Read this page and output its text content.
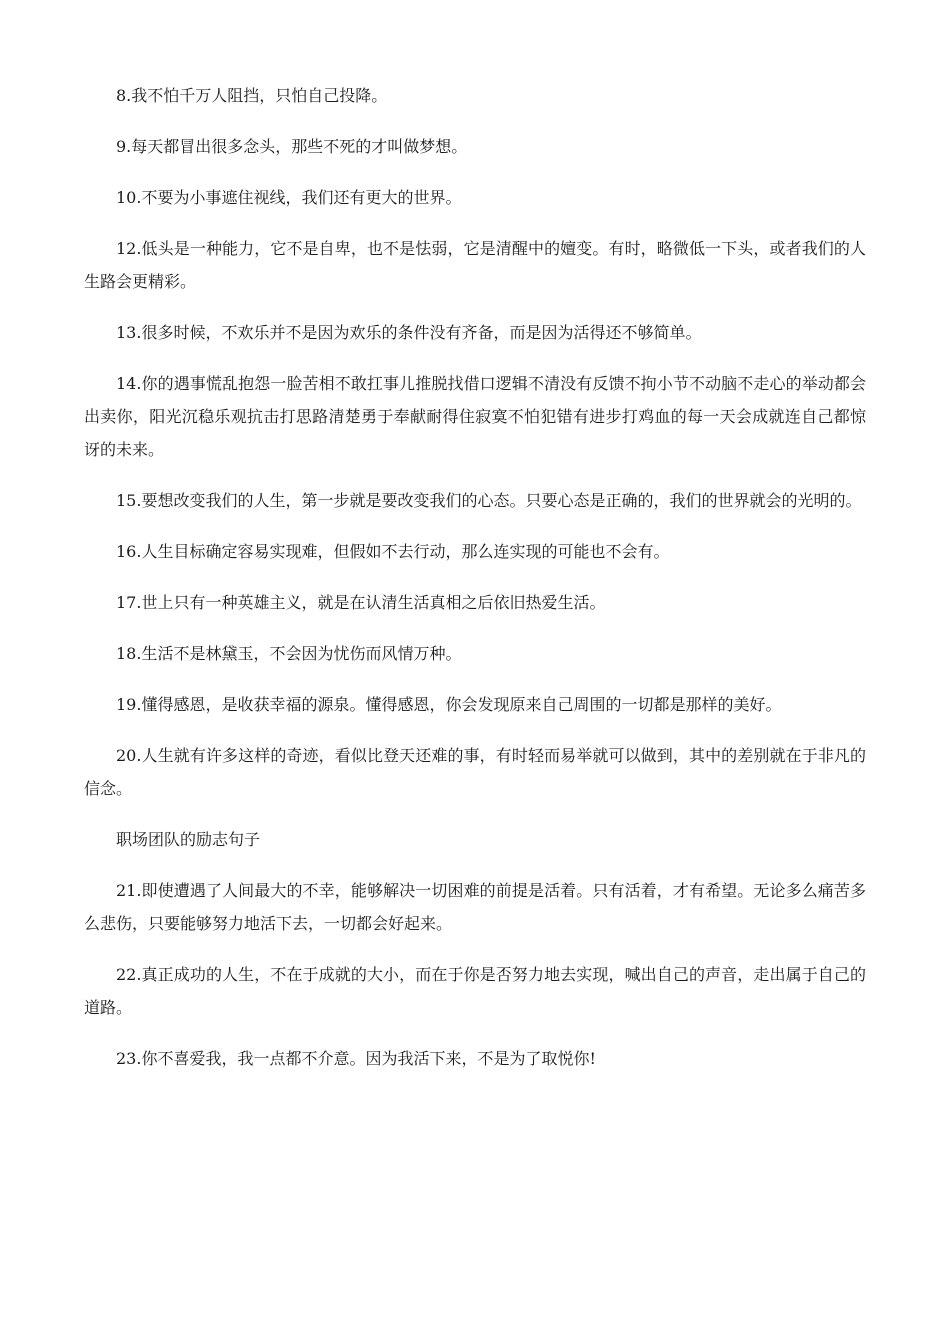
8.我不怕千万人阻挡，只怕自己投降。

9.每天都冒出很多念头，那些不死的才叫做梦想。

10.不要为小事遮住视线，我们还有更大的世界。

12.低头是一种能力，它不是自卑，也不是怯弱，它是清醒中的嬗变。有时，略微低一下头，或者我们的人生路会更精彩。

13.很多时候，不欢乐并不是因为欢乐的条件没有齐备，而是因为活得还不够简单。

14.你的遇事慌乱抱怨一脸苦相不敢扛事儿推脱找借口逻辑不清没有反馈不拘小节不动脑不走心的举动都会出卖你，阳光沉稳乐观抗击打思路清楚勇于奉献耐得住寂寞不怕犯错有进步打鸡血的每一天会成就连自己都惊讶的未来。

15.要想改变我们的人生，第一步就是要改变我们的心态。只要心态是正确的，我们的世界就会的光明的。

16.人生目标确定容易实现难，但假如不去行动，那么连实现的可能也不会有。

17.世上只有一种英雄主义，就是在认清生活真相之后依旧热爱生活。

18.生活不是林黛玉，不会因为忧伤而风情万种。

19.懂得感恩，是收获幸福的源泉。懂得感恩，你会发现原来自己周围的一切都是那样的美好。

20.人生就有许多这样的奇迹，看似比登天还难的事，有时轻而易举就可以做到，其中的差别就在于非凡的信念。

职场团队的励志句子

21.即使遭遇了人间最大的不幸，能够解决一切困难的前提是活着。只有活着，才有希望。无论多么痛苦多么悲伤，只要能够努力地活下去，一切都会好起来。

22.真正成功的人生，不在于成就的大小，而在于你是否努力地去实现，喊出自己的声音，走出属于自己的道路。

23.你不喜爱我，我一点都不介意。因为我活下来，不是为了取悦你!
